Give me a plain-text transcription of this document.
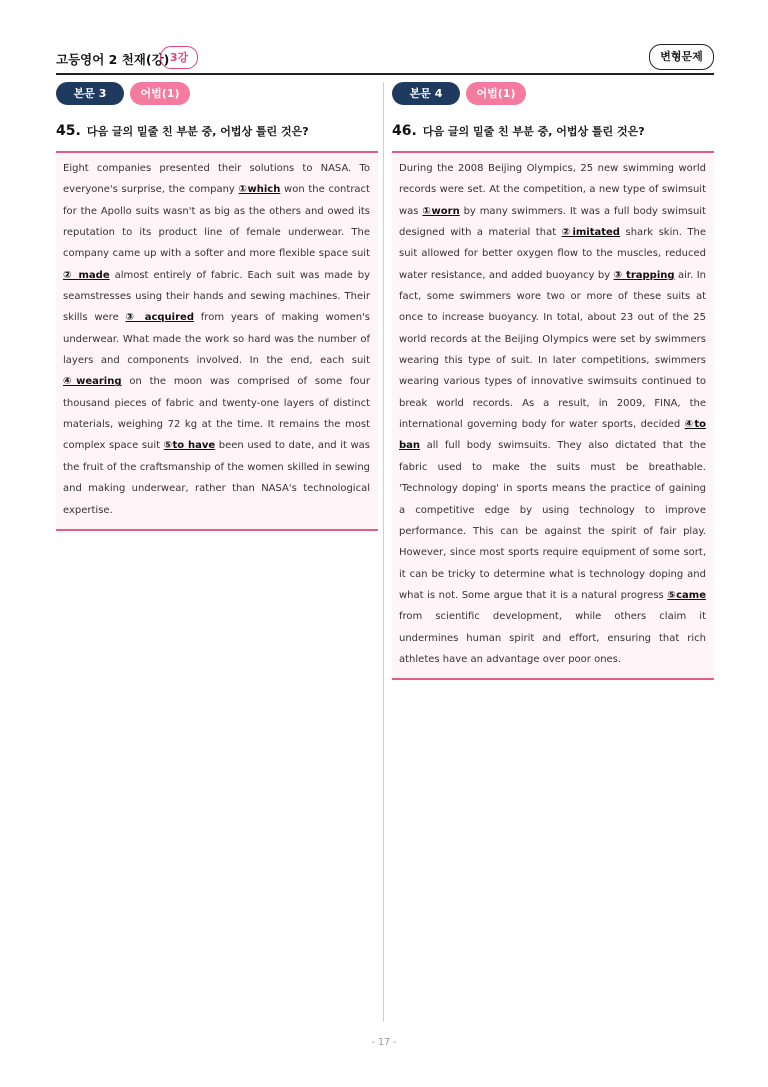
고등영어 2 천재(강) 3강	변형문제
본문 3	어법(1)
45. 다음 글의 밑줄 친 부분 중, 어법상 틀린 것은?

Eight companies presented their solutions to NASA. To everyone's surprise, the company ①which won the contract for the Apollo suits wasn't as big as the others and owed its reputation to its product line of female underwear. The company came up with a softer and more flexible space suit ② made almost entirely of fabric. Each suit was made by seamstresses using their hands and sewing machines. Their skills were ③ acquired from years of making women's underwear. What made the work so hard was the number of layers and components involved. In the end, each suit ④wearing on the moon was comprised of some four thousand pieces of fabric and twenty-one layers of distinct materials, weighing 72 kg at the time. It remains the most complex space suit ⑤to have been used to date, and it was the fruit of the craftsmanship of the women skilled in sewing and making underwear, rather than NASA's technological expertise.

본문 4	어법(1)
46. 다음 글의 밑줄 친 부분 중, 어법상 틀린 것은?

During the 2008 Beijing Olympics, 25 new swimming world records were set. At the competition, a new type of swimsuit was ①worn by many swimmers. It was a full body swimsuit designed with a material that ②imitated shark skin. The suit allowed for better oxygen flow to the muscles, reduced water resistance, and added buoyancy by ③ trapping air. In fact, some swimmers wore two or more of these suits at once to increase buoyancy. In total, about 23 out of the 25 world records at the Beijing Olympics were set by swimmers wearing this type of suit. In later competitions, swimmers wearing various types of innovative swimsuits continued to break world records. As a result, in 2009, FINA, the international governing body for water sports, decided ④to ban all full body swimsuits. They also dictated that the fabric used to make the suits must be breathable. 'Technology doping' in sports means the practice of gaining a competitive edge by using technology to improve performance. This can be against the spirit of fair play. However, since most sports require equipment of some sort, it can be tricky to determine what is technology doping and what is not. Some argue that it is a natural progress ⑤came from scientific development, while others claim it undermines human spirit and effort, ensuring that rich athletes have an advantage over poor ones.

- 17 -
